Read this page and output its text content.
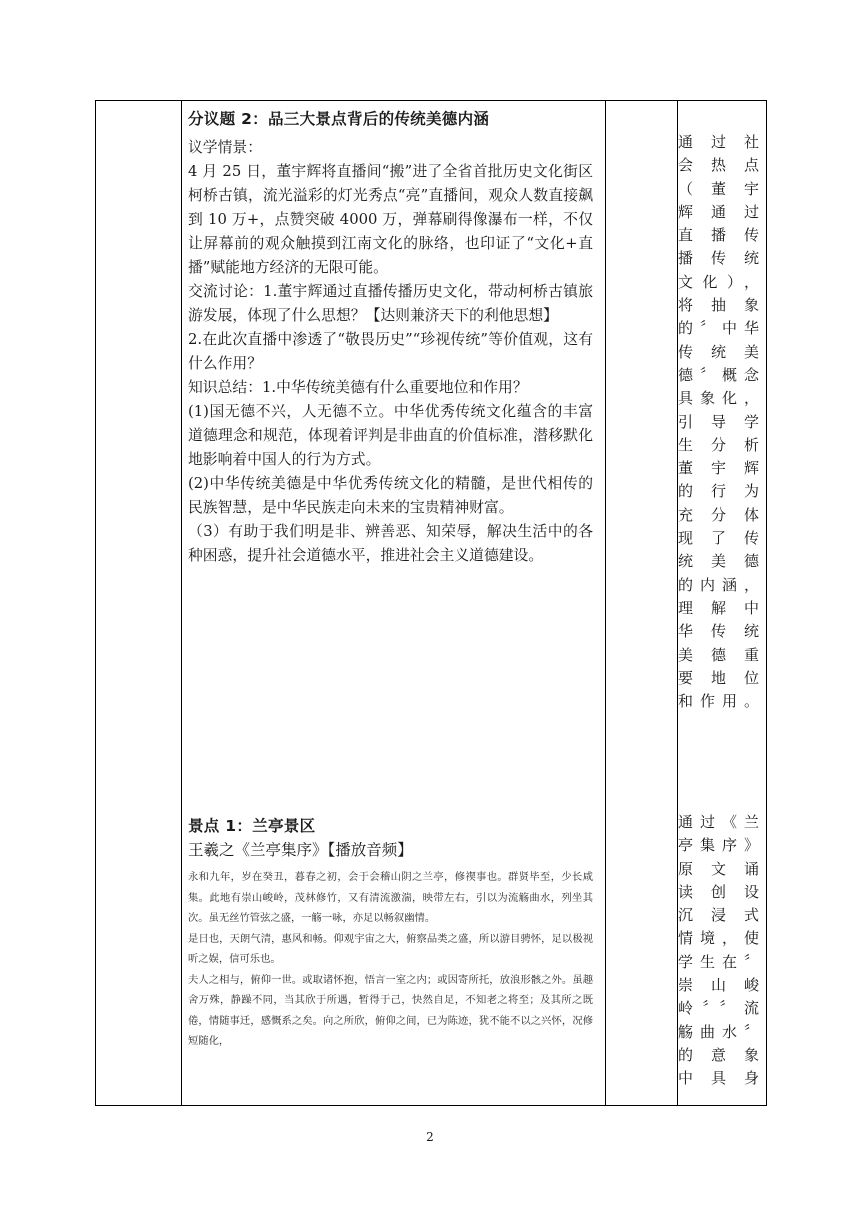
分议题 2：品三大景点背后的传统美德内涵

议学情景：

4 月 25 日，董宇辉将直播间“搬”进了全省首批历史文化街区柯桥古镇，流光溢彩的灯光秀点“亮”直播间，观众人数直接飙到 10 万+，点赞突破 4000 万，弹幕刷得像瀑布一样，不仅让屏幕前的观众触摸到江南文化的脉络，也印证了“文化+直播”赋能地方经济的无限可能。

交流讨论：1.董宇辉通过直播传播历史文化，带动柯桥古镇旅游发展，体现了什么思想？【达则兼济天下的利他思想】

2.在此次直播中渗透了“敬畏历史”“珍视传统”等价值观，这有什么作用？

知识总结：1.中华传统美德有什么重要地位和作用？

(1)国无德不兴，人无德不立。中华优秀传统文化蕴含的丰富道德理念和规范，体现着评判是非曲直的价值标准，潜移默化地影响着中国人的行为方式。

(2)中华传统美德是中华优秀传统文化的精髓，是世代相传的民族智慧，是中华民族走向未来的宝贵精神财富。

（3）有助于我们明是非、辨善恶、知荣辱，解决生活中的各种困惑，提升社会道德水平，推进社会主义道德建设。

通过社
会热点
（董宇
辉通过
直播传
播传统
文化），
将抽象
的〞中华
传统美
德〞概念
具象化，
引导学
生分析
董宇辉
的行为
充分体
现了传
统美德
的内涵，
理解中
华传统
美德重
要地位
和作用。
景点 1：兰亭景区
王羲之《兰亭集序》【播放音频】

永和九年，岁在癸丑，暮春之初，会于会稽山阴之兰亭，修禊事也。群贤毕至，少长咸集。此地有崇山峻岭，茂林修竹，又有清流激湍，映带左右，引以为流觞曲水，列坐其次。虽无丝竹管弦之盛，一觞一咏，亦足以畅叙幽情。

是日也，天朗气清，惠风和畅。仰观宇宙之大，俯察品类之盛，所以游目骋怀，足以极视听之娱，信可乐也。

夫人之相与，俯仰一世。或取诸怀抱，悟言一室之内；或因寄所托，放浪形骸之外。虽趣舍万殊，静躁不同，当其欣于所遇，暂得于己，快然自足，不知老之将至；及其所之既倦，情随事迁，感慨系之矣。向之所欣，俯仰之间，已为陈迹，犹不能不以之兴怀，况修短随化，

通过《兰
亭集序》
原文诵
读创设
沉浸式
情境，使
学生在〞
崇山峻
岭〞〞流
觞曲水〞
的意象
中具身
2
